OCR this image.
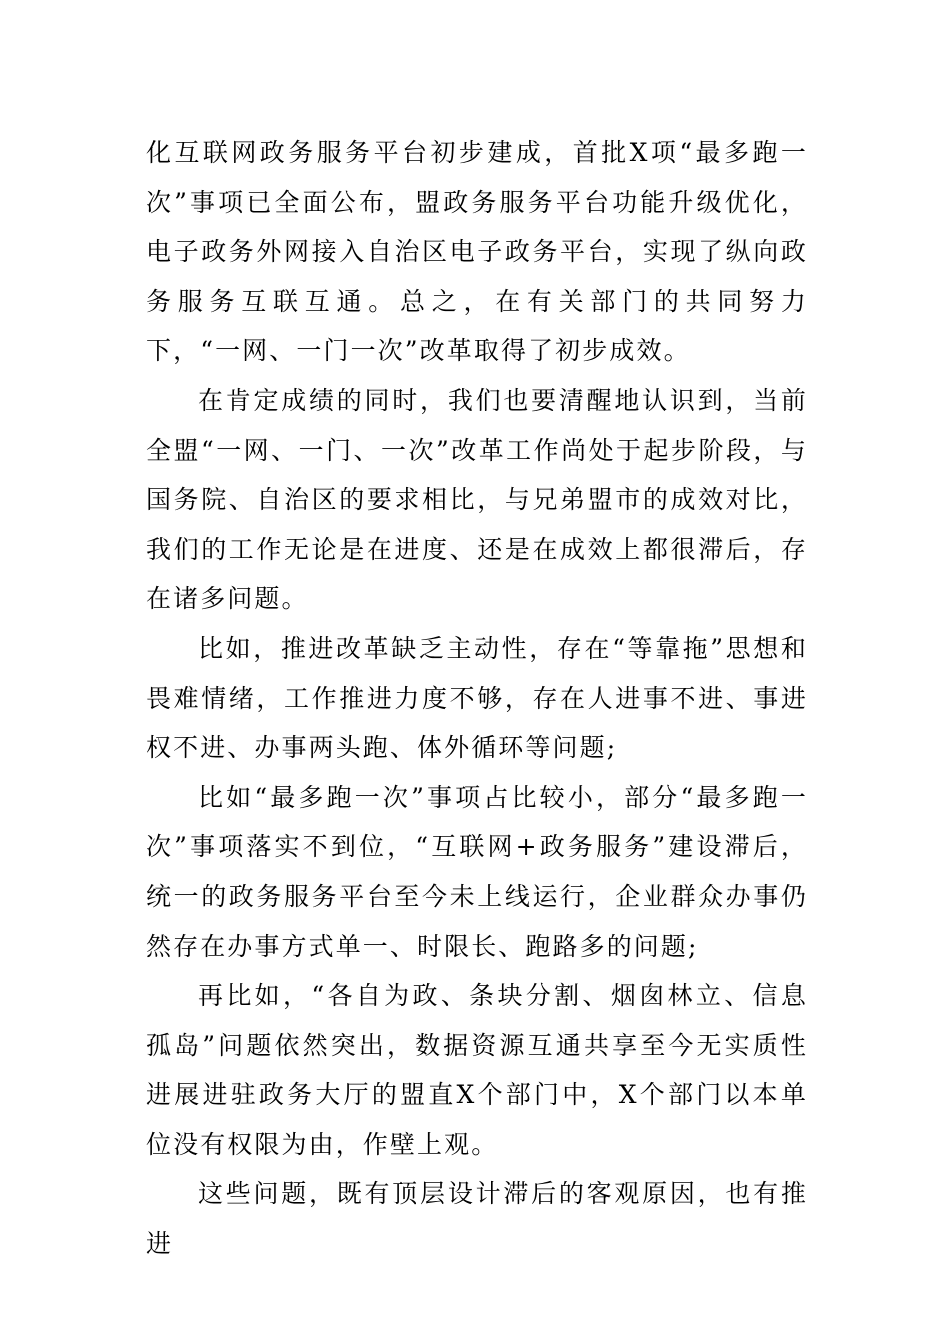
化互联网政务服务平台初步建成，首批X项“最多跑一次”事项已全面公布，盟政务服务平台功能升级优化，电子政务外网接入自治区电子政务平台，实现了纵向政务服务互联互通。总之，在有关部门的共同努力下，“一网、一门一次”改革取得了初步成效。

在肯定成绩的同时，我们也要清醒地认识到，当前全盟“一网、一门、一次”改革工作尚处于起步阶段，与国务院、自治区的要求相比，与兄弟盟市的成效对比，我们的工作无论是在进度、还是在成效上都很滞后，存在诸多问题。

比如，推进改革缺乏主动性，存在“等靠拖”思想和畏难情绪，工作推进力度不够，存在人进事不进、事进权不进、办事两头跑、体外循环等问题;

比如“最多跑一次”事项占比较小，部分“最多跑一次”事项落实不到位，“互联网+政务服务”建设滞后，统一的政务服务平台至今未上线运行，企业群众办事仍然存在办事方式单一、时限长、跑路多的问题;

再比如，“各自为政、条块分割、烟囱林立、信息孤岛”问题依然突出，数据资源互通共享至今无实质性进展进驻政务大厅的盟直X个部门中，X个部门以本单位没有权限为由，作壁上观。

这些问题，既有顶层设计滞后的客观原因，也有推进
